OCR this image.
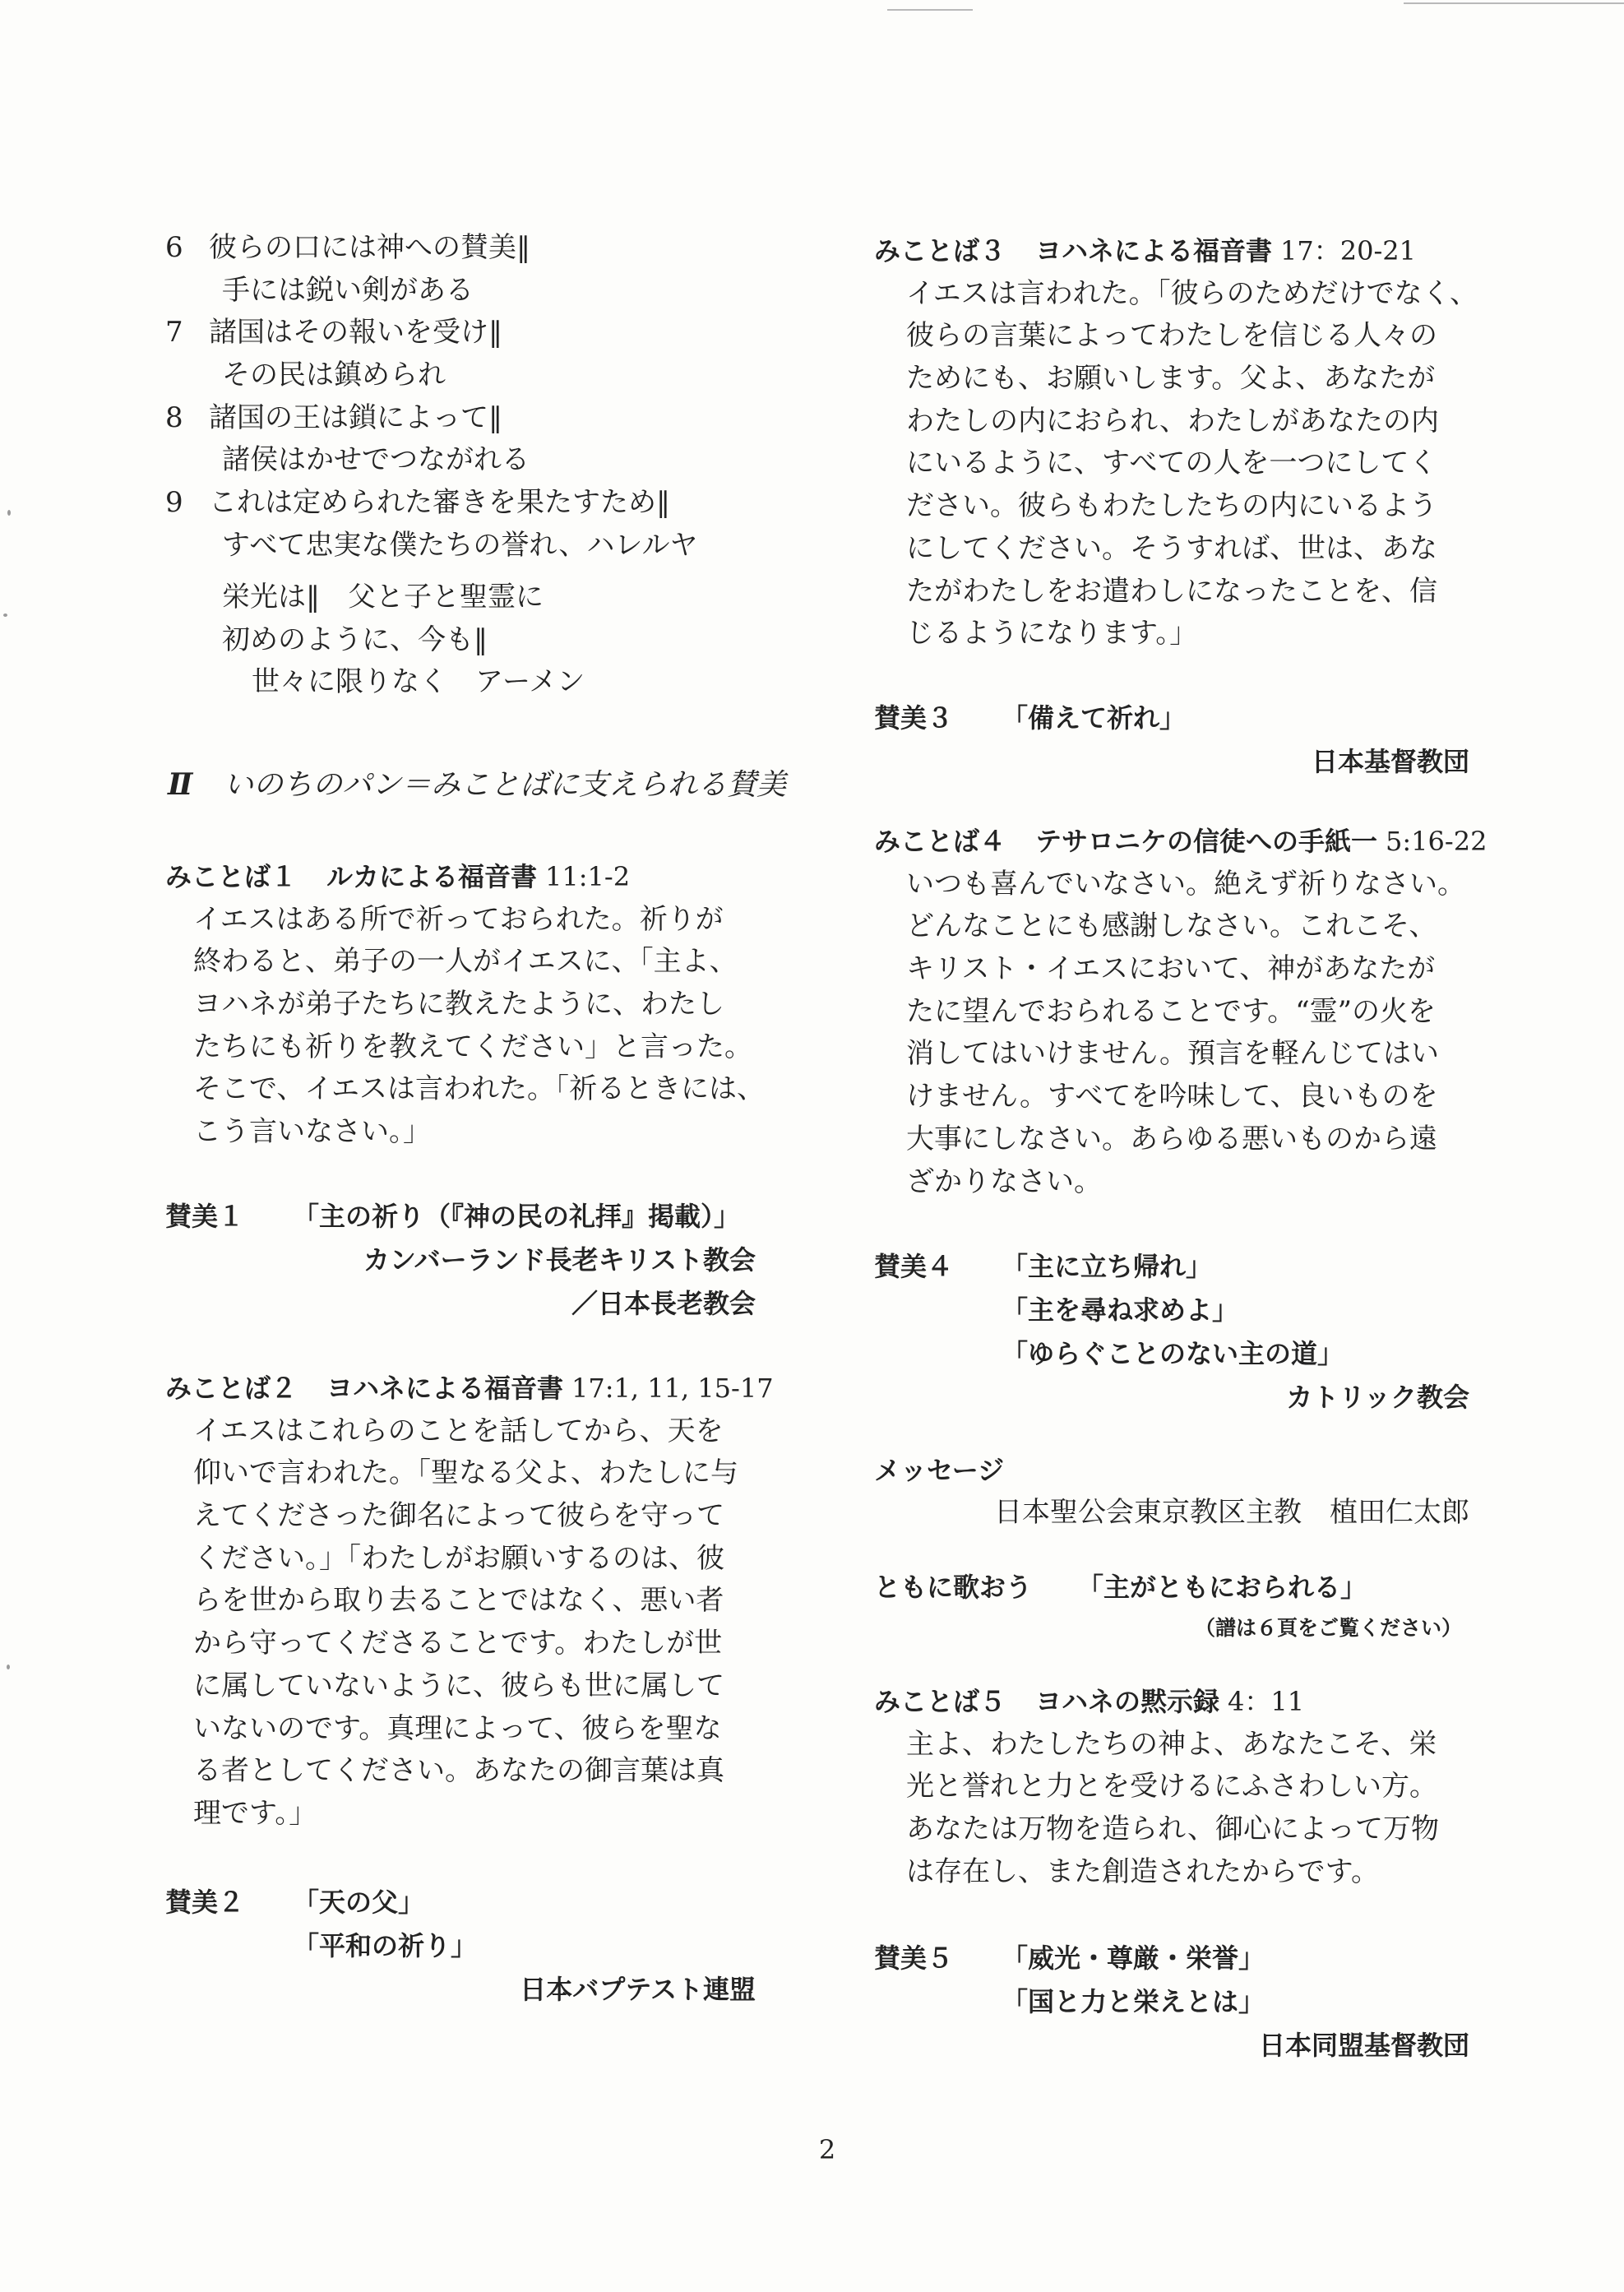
6 彼らの口には神への賛美‖
手には鋭い剣がある
7 諸国はその報いを受け‖
その民は鎮められ
8 諸国の王は鎖によって‖
諸侯はかせでつながれる
9 これは定められた審きを果たすため‖
すべて忠実な僕たちの誉れ、ハレルヤ
栄光は‖　父と子と聖霊に
初めのように、今も‖
世々に限りなく　アーメン
Ⅱ いのちのパン＝みことばに支えられる賛美
みことば１ ルカによる福音書 11:1-2
イエスはある所で祈っておられた。祈りが
終わると、弟子の一人がイエスに、「主よ、
ヨハネが弟子たちに教えたように、わたし
たちにも祈りを教えてください」と言った。
そこで、イエスは言われた。「祈るときには、
こう言いなさい。」
賛美１ 「主の祈り（『神の民の礼拝』掲載）」
カンバーランド長老キリスト教会
／日本長老教会
みことば２ ヨハネによる福音書 17:1, 11, 15-17
イエスはこれらのことを話してから、天を
仰いで言われた。「聖なる父よ、わたしに与
えてくださった御名によって彼らを守って
ください。」「わたしがお願いするのは、彼
らを世から取り去ることではなく、悪い者
から守ってくださることです。わたしが世
に属していないように、彼らも世に属して
いないのです。真理によって、彼らを聖な
る者としてください。あなたの御言葉は真
理です。」
賛美２ 「天の父」
「平和の祈り」
日本バプテスト連盟
みことば３ ヨハネによる福音書 17：20-21
イエスは言われた。「彼らのためだけでなく、
彼らの言葉によってわたしを信じる人々の
ためにも、お願いします。父よ、あなたが
わたしの内におられ、わたしがあなたの内
にいるように、すべての人を一つにしてく
ださい。彼らもわたしたちの内にいるよう
にしてください。そうすれば、世は、あな
たがわたしをお遣わしになったことを、信
じるようになります。」
賛美３ 「備えて祈れ」
日本基督教団
みことば４ テサロニケの信徒への手紙一 5:16-22
いつも喜んでいなさい。絶えず祈りなさい。
どんなことにも感謝しなさい。これこそ、
キリスト・イエスにおいて、神があなたが
たに望んでおられることです。“霊”の火を
消してはいけません。預言を軽んじてはい
けません。すべてを吟味して、良いものを
大事にしなさい。あらゆる悪いものから遠
ざかりなさい。
賛美４ 「主に立ち帰れ」
「主を尋ね求めよ」
「ゆらぐことのない主の道」
カトリック教会
メッセージ
日本聖公会東京教区主教　植田仁太郎
ともに歌おう 「主がともにおられる」
（譜は６頁をご覧ください）
みことば５ ヨハネの黙示録 4：11
主よ、わたしたちの神よ、あなたこそ、栄
光と誉れと力とを受けるにふさわしい方。
あなたは万物を造られ、御心によって万物
は存在し、また創造されたからです。
賛美５ 「威光・尊厳・栄誉」
「国と力と栄えとは」
日本同盟基督教団
2
